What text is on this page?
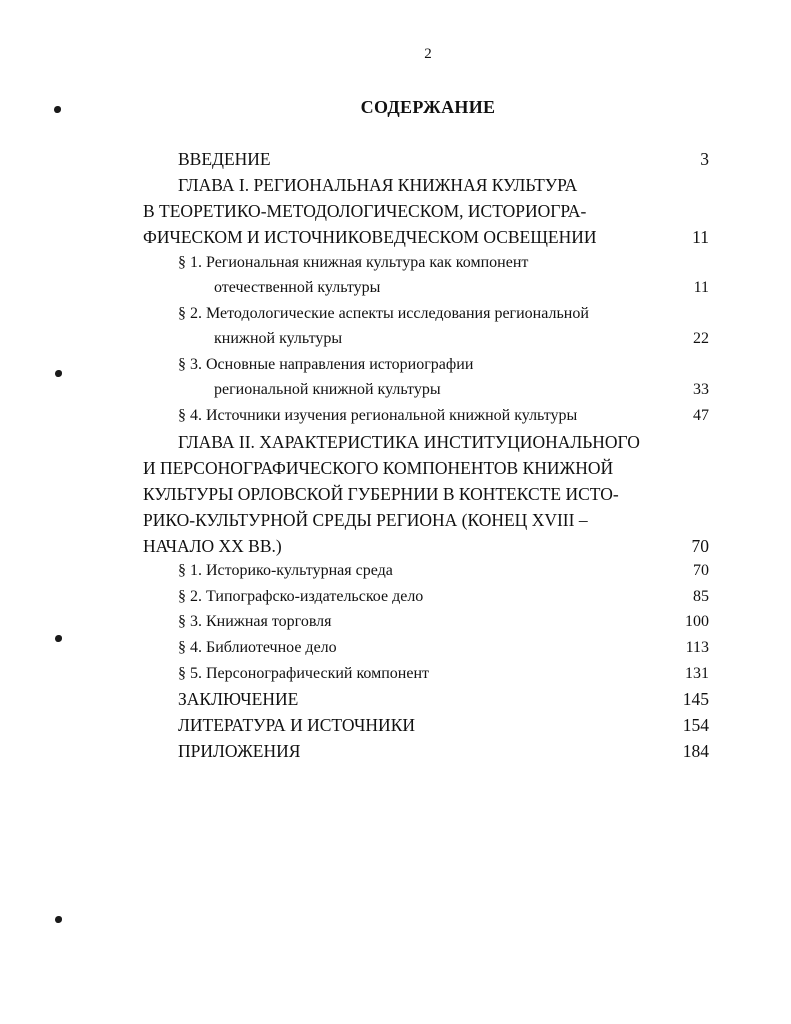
2
СОДЕРЖАНИЕ
ВВЕДЕНИЕ	3
ГЛАВА I. РЕГИОНАЛЬНАЯ КНИЖНАЯ КУЛЬТУРА
В ТЕОРЕТИКО-МЕТОДОЛОГИЧЕСКОМ, ИСТОРИОГРА-
ФИЧЕСКОМ И ИСТОЧНИКОВЕДЧЕСКОМ ОСВЕЩЕНИИ	11
§ 1. Региональная книжная культура как компонент
отечественной культуры	11
§ 2. Методологические аспекты исследования региональной
книжной культуры	22
§ 3. Основные направления историографии
региональной книжной культуры	33
§ 4. Источники изучения региональной книжной культуры	47
ГЛАВА II. ХАРАКТЕРИСТИКА ИНСТИТУЦИОНАЛЬНОГО
И ПЕРСОНОГРАФИЧЕСКОГО КОМПОНЕНТОВ КНИЖНОЙ
КУЛЬТУРЫ ОРЛОВСКОЙ ГУБЕРНИИ В КОНТЕКСТЕ ИСТО-
РИКО-КУЛЬТУРНОЙ СРЕДЫ РЕГИОНА (КОНЕЦ XVIII –
НАЧАЛО XX ВВ.)	70
§ 1. Историко-культурная среда	70
§ 2. Типографско-издательское дело	85
§ 3. Книжная торговля	100
§ 4. Библиотечное дело	113
§ 5. Персонографический компонент	131
ЗАКЛЮЧЕНИЕ	145
ЛИТЕРАТУРА И ИСТОЧНИКИ	154
ПРИЛОЖЕНИЯ	184
